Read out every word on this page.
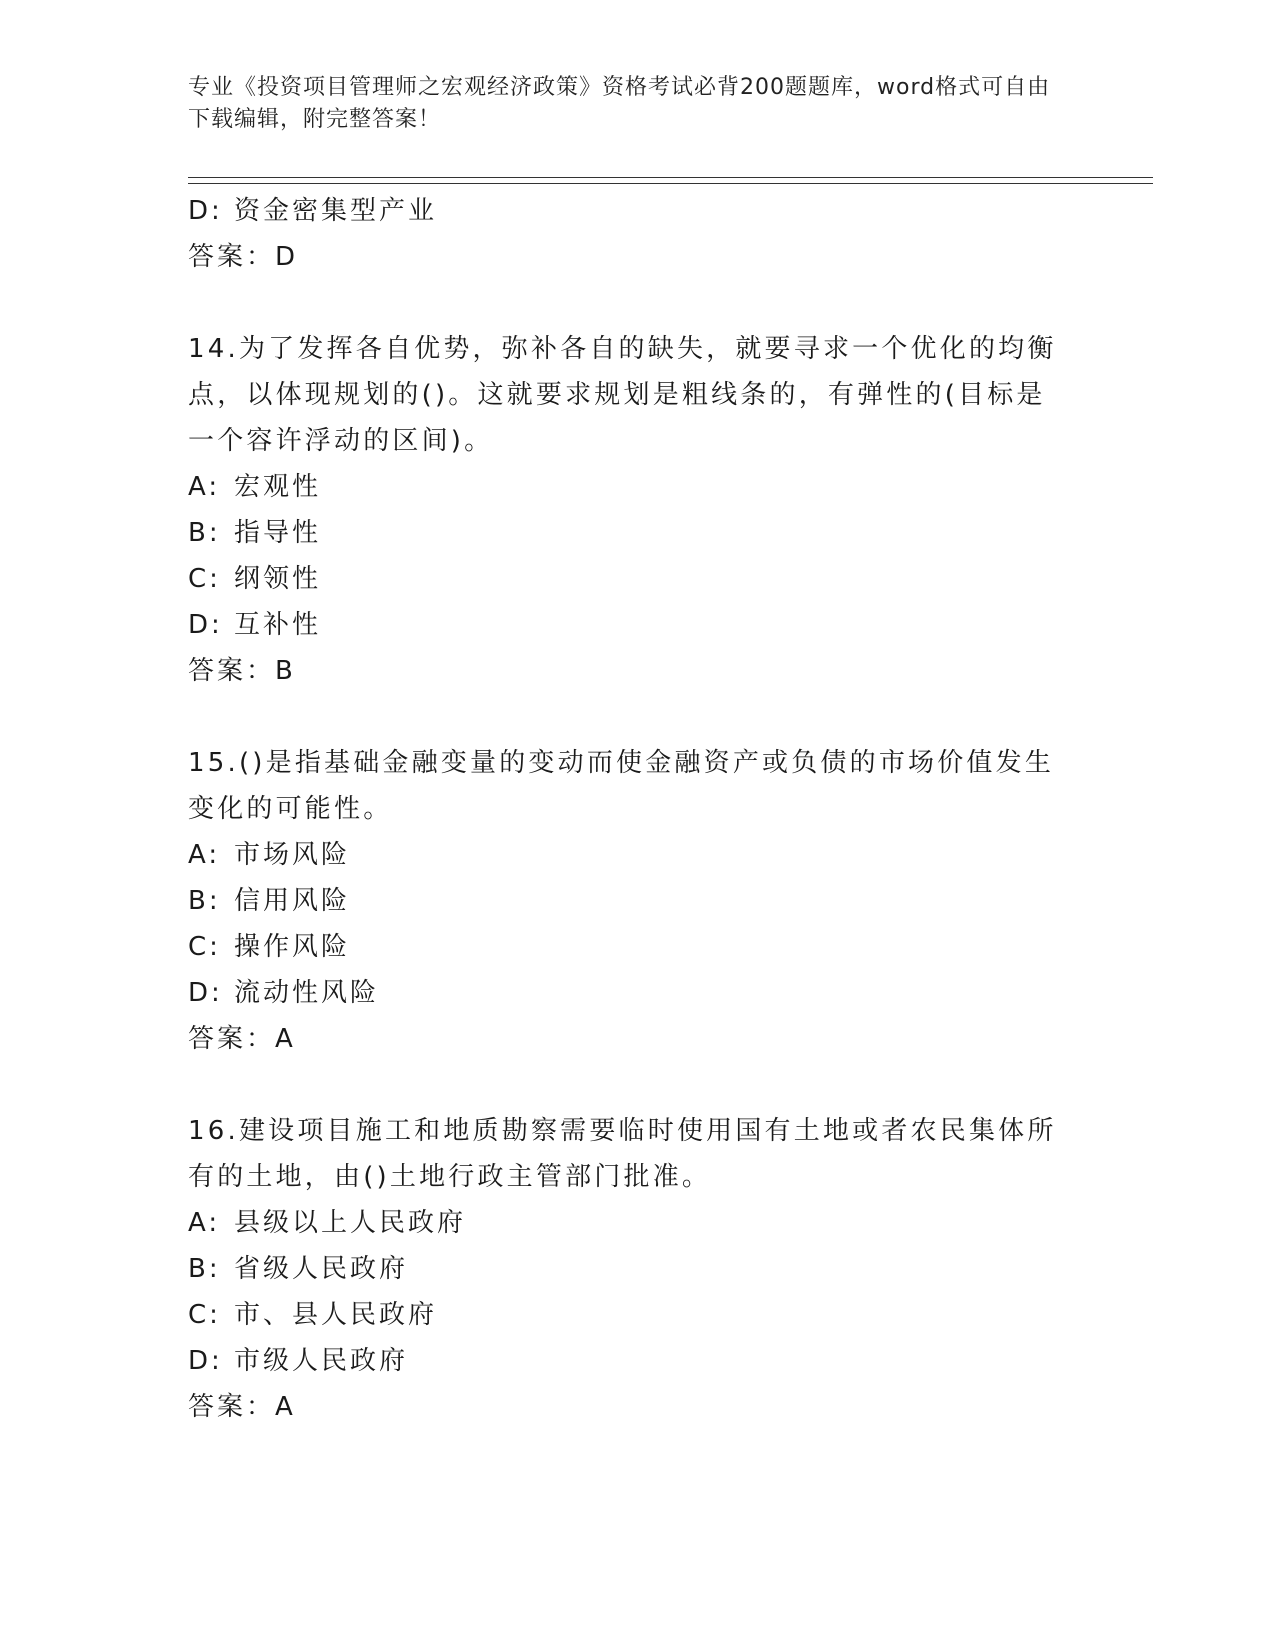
专业《投资项目管理师之宏观经济政策》资格考试必背200题题库，word格式可自由下载编辑，附完整答案！
D: 资金密集型产业
答案：D
14.为了发挥各自优势，弥补各自的缺失，就要寻求一个优化的均衡点，以体现规划的()。这就要求规划是粗线条的，有弹性的(目标是一个容许浮动的区间)。
A: 宏观性
B: 指导性
C: 纲领性
D: 互补性
答案：B
15.()是指基础金融变量的变动而使金融资产或负债的市场价值发生变化的可能性。
A: 市场风险
B: 信用风险
C: 操作风险
D: 流动性风险
答案：A
16.建设项目施工和地质勘察需要临时使用国有土地或者农民集体所有的土地，由()土地行政主管部门批准。
A: 县级以上人民政府
B: 省级人民政府
C: 市、县人民政府
D: 市级人民政府
答案：A
